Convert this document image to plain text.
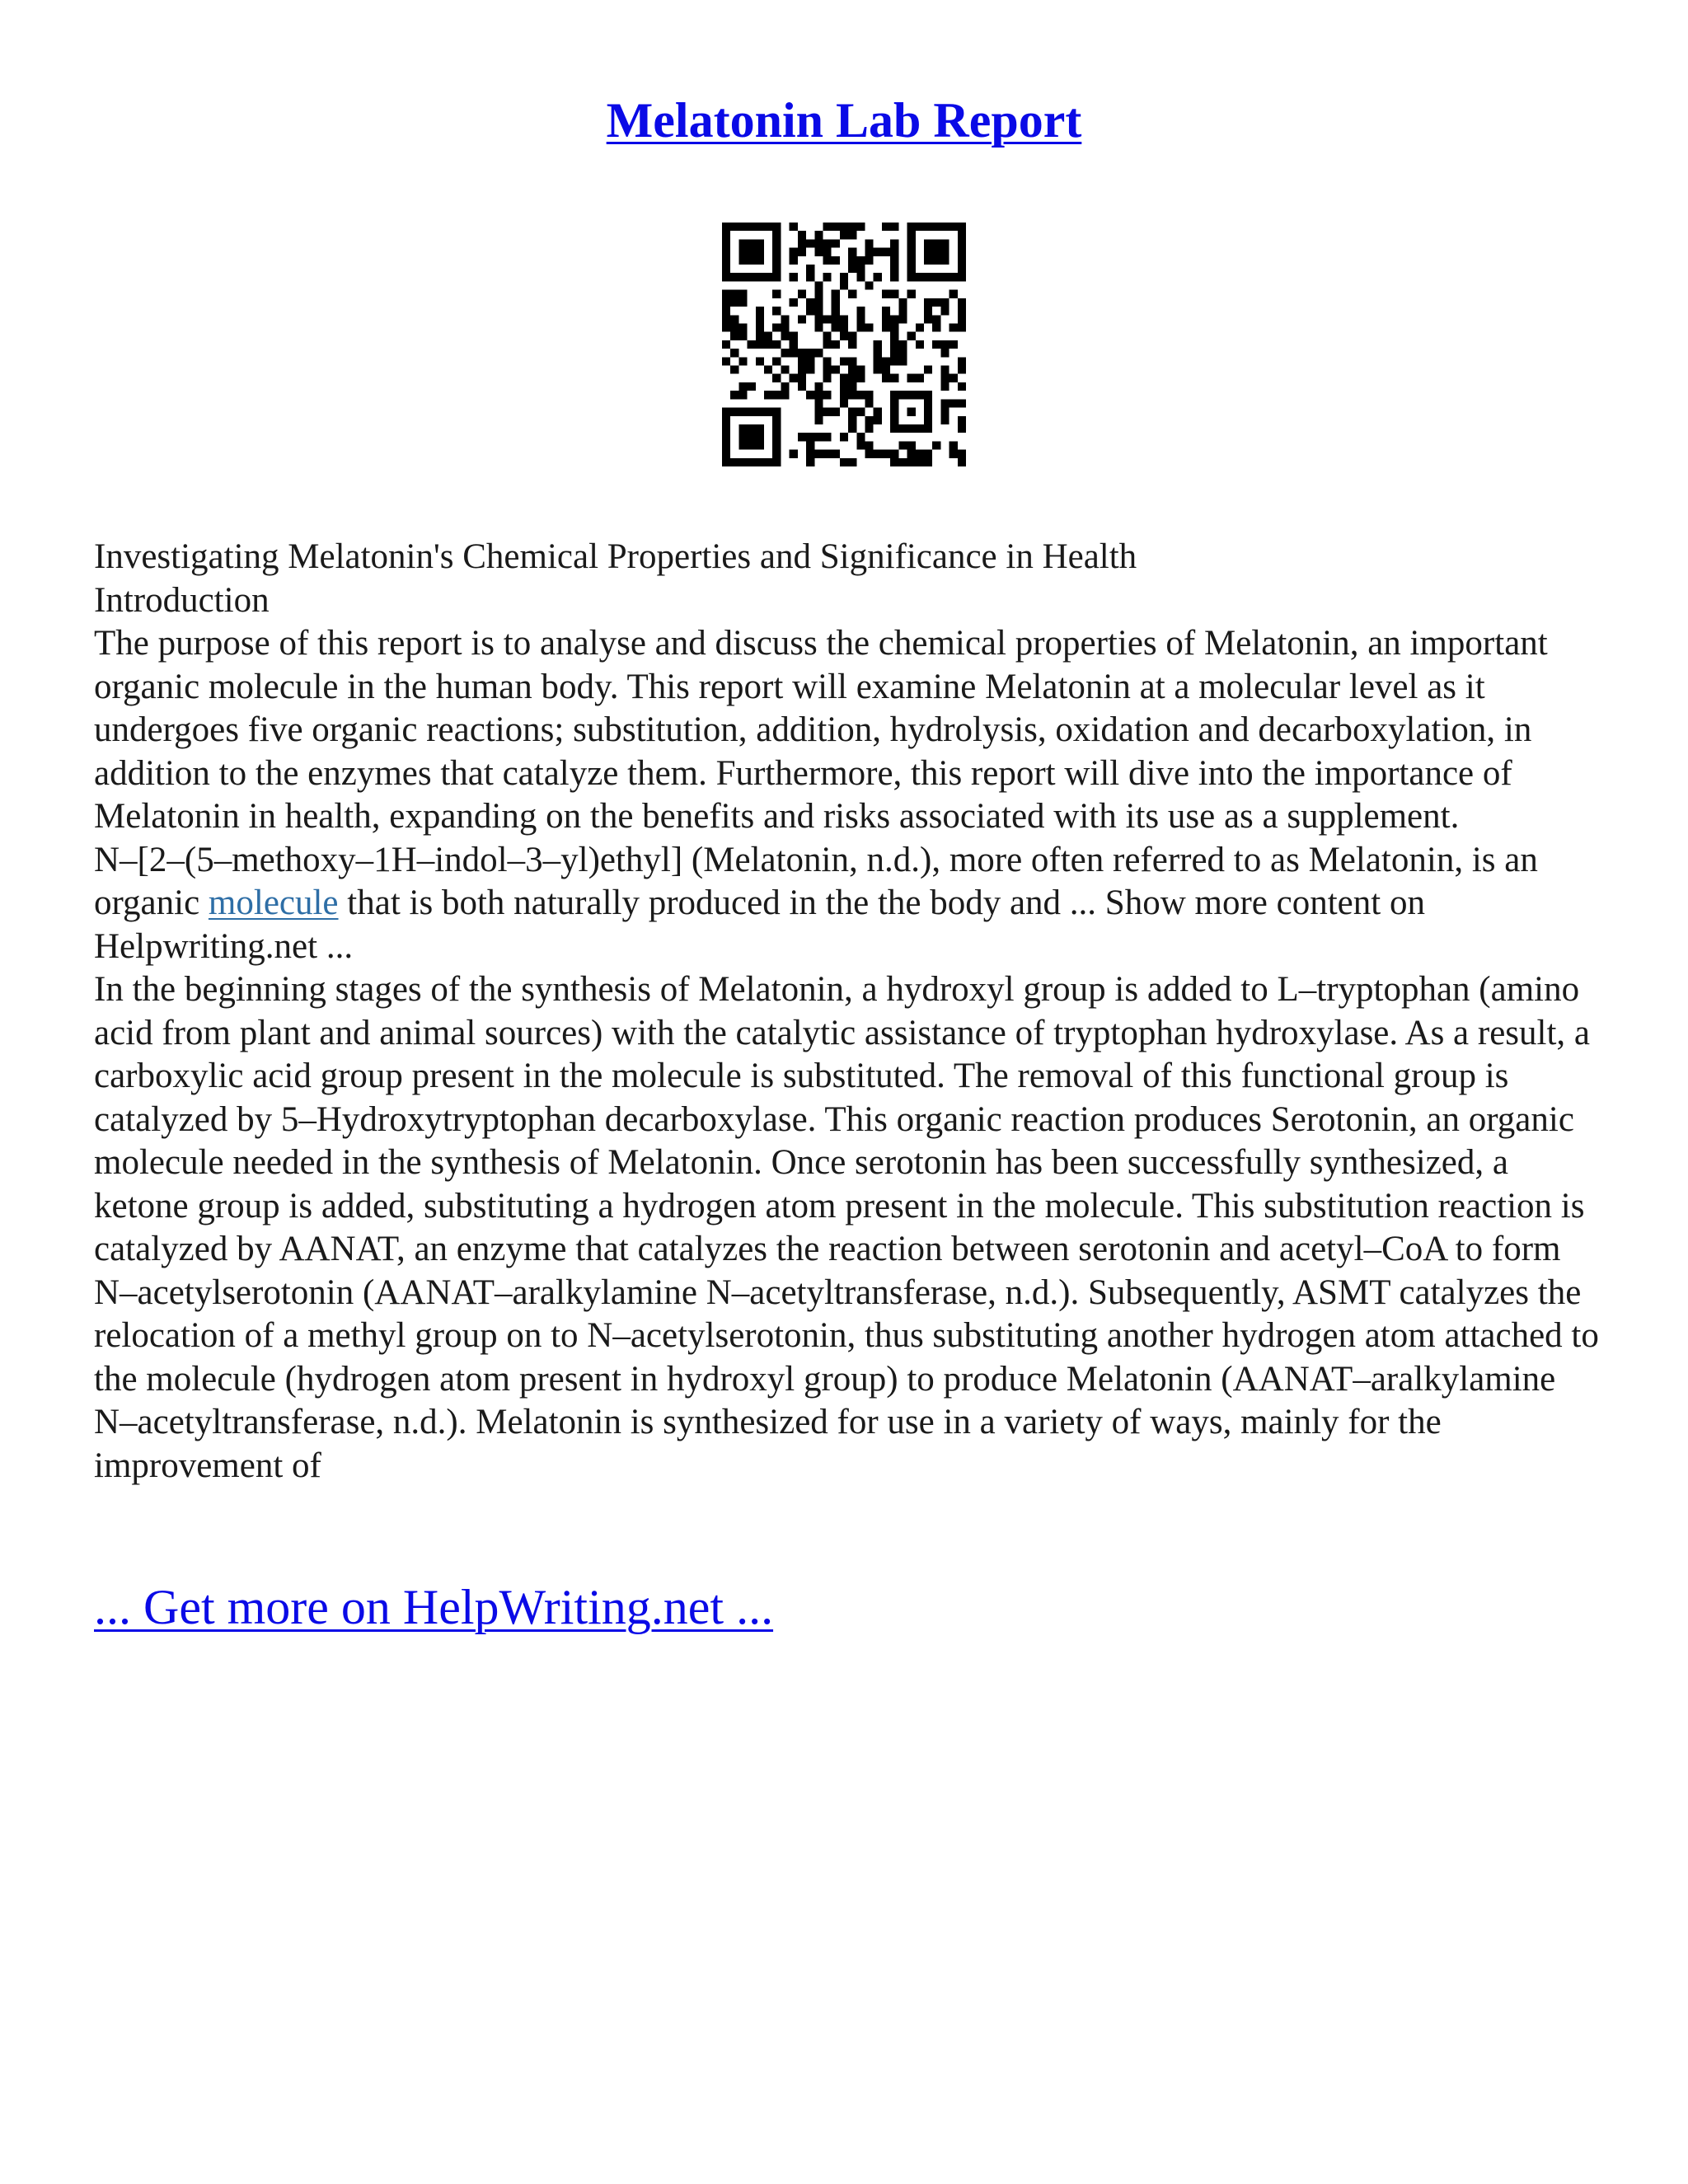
Melatonin Lab Report

Investigating Melatonin's Chemical Properties and Significance in Health

Introduction

The purpose of this report is to analyse and discuss the chemical properties of Melatonin, an important organic molecule in the human body. This report will examine Melatonin at a molecular level as it undergoes five organic reactions; substitution, addition, hydrolysis, oxidation and decarboxylation, in addition to the enzymes that catalyze them. Furthermore, this report will dive into the importance of Melatonin in health, expanding on the benefits and risks associated with its use as a supplement.

N–[2–(5–methoxy–1H–indol–3–yl)ethyl] (Melatonin, n.d.), more often referred to as Melatonin, is an organic molecule that is both naturally produced in the the body and ... Show more content on Helpwriting.net ...

In the beginning stages of the synthesis of Melatonin, a hydroxyl group is added to L–tryptophan (amino acid from plant and animal sources) with the catalytic assistance of tryptophan hydroxylase. As a result, a carboxylic acid group present in the molecule is substituted. The removal of this functional group is catalyzed by 5–Hydroxytryptophan decarboxylase. This organic reaction produces Serotonin, an organic molecule needed in the synthesis of Melatonin. Once serotonin has been successfully synthesized, a ketone group is added, substituting a hydrogen atom present in the molecule. This substitution reaction is catalyzed by AANAT, an enzyme that catalyzes the reaction between serotonin and acetyl–CoA to form N–acetylserotonin (AANAT–aralkylamine N–acetyltransferase, n.d.). Subsequently, ASMT catalyzes the relocation of a methyl group on to N–acetylserotonin, thus substituting another hydrogen atom attached to the molecule (hydrogen atom present in hydroxyl group) to produce Melatonin (AANAT–aralkylamine N–acetyltransferase, n.d.). Melatonin is synthesized for use in a variety of ways, mainly for the improvement of

... Get more on HelpWriting.net ...
